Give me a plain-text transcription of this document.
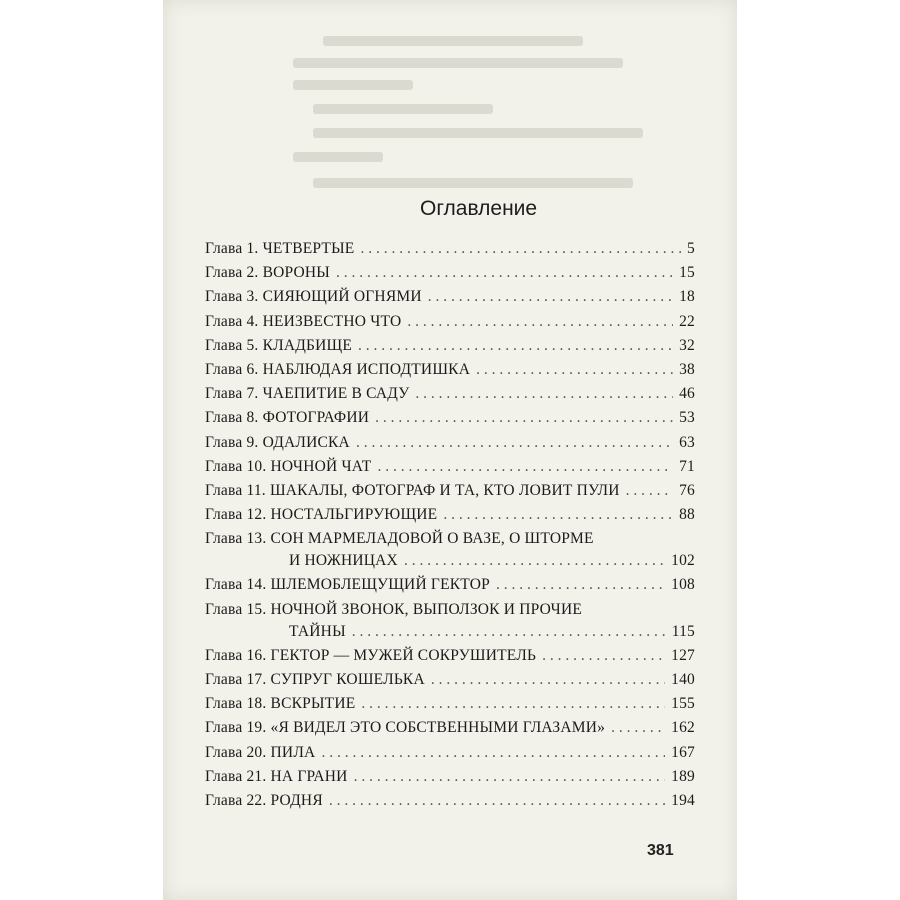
Оглавление
Глава 1. ЧЕТВЕРТЫЕ . . .	5
Глава 2. ВОРОНЫ . . .	15
Глава 3. СИЯЮЩИЙ ОГНЯМИ . . .	18
Глава 4. НЕИЗВЕСТНО ЧТО . . .	22
Глава 5. КЛАДБИЩЕ . . .	32
Глава 6. НАБЛЮДАЯ ИСПОДТИШКА . . .	38
Глава 7. ЧАЕПИТИЕ В САДУ . . .	46
Глава 8. ФОТОГРАФИИ . . .	53
Глава 9. ОДАЛИСКА . . .	63
Глава 10. НОЧНОЙ ЧАТ . . .	71
Глава 11. ШАКАЛЫ, ФОТОГРАФ И ТА, КТО ЛОВИТ ПУЛИ . . .	76
Глава 12. НОСТАЛЬГИРУЮЩИЕ . . .	88
Глава 13. СОН МАРМЕЛАДОВОЙ О ВАЗЕ, О ШТОРМЕ
И НОЖНИЦАХ . . .	102
Глава 14. ШЛЕМОБЛЕЩУЩИЙ ГЕКТОР . . .	108
Глава 15. НОЧНОЙ ЗВОНОК, ВЫПОЛЗОК И ПРОЧИЕ
ТАЙНЫ . . .	115
Глава 16. ГЕКТОР — МУЖЕЙ СОКРУШИТЕЛЬ . . .	127
Глава 17. СУПРУГ КОШЕЛЬКА . . .	140
Глава 18. ВСКРЫТИЕ . . .	155
Глава 19. «Я ВИДЕЛ ЭТО СОБСТВЕННЫМИ ГЛАЗАМИ» . . .	162
Глава 20. ПИЛА . . .	167
Глава 21. НА ГРАНИ . . .	189
Глава 22. РОДНЯ . . .	194
381
